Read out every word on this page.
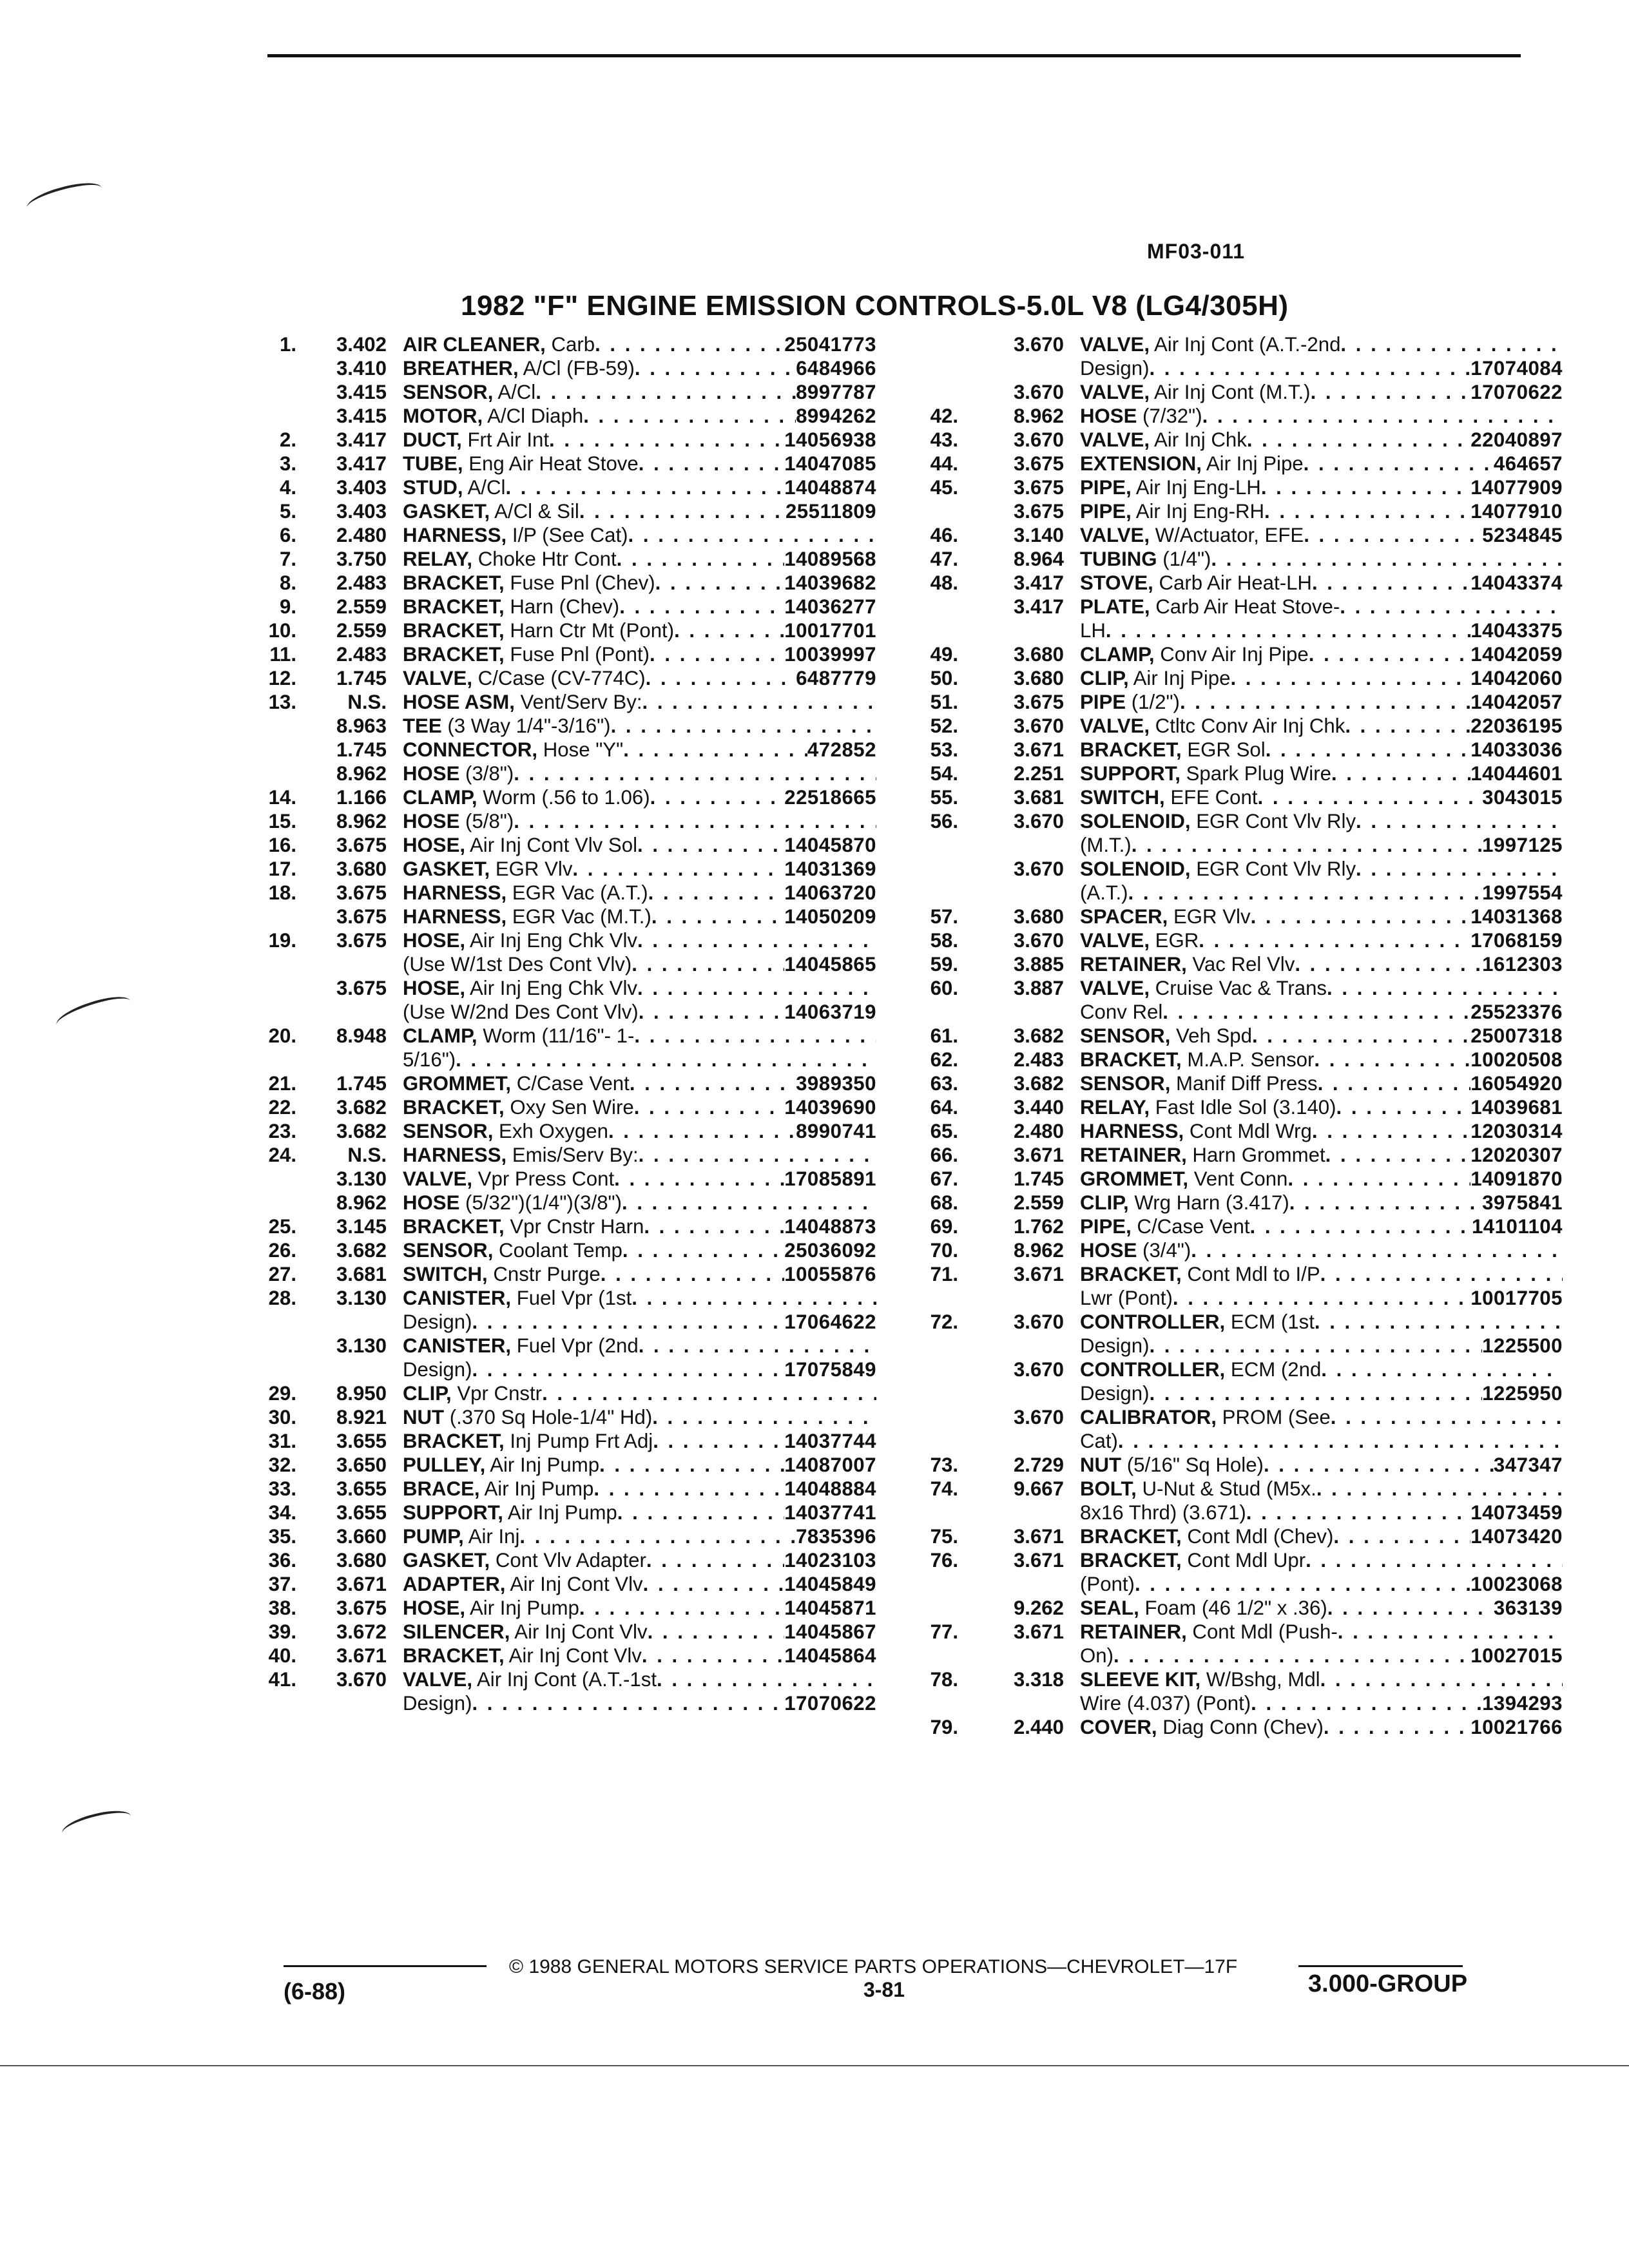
MF03-011
1982 "F" ENGINE EMISSION CONTROLS-5.0L V8 (LG4/305H)
1.	3.402 AIR CLEANER, Carb . . .	25041773
3.410 BREATHER, A/Cl (FB-59) . . .	6484966
3.415 SENSOR, A/Cl . . .	8997787
3.415 MOTOR, A/Cl Diaph . . .	8994262
2.	3.417 DUCT, Frt Air Int . . .	14056938
3.	3.417 TUBE, Eng Air Heat Stove . . .	14047085
4.	3.403 STUD, A/Cl . . .	14048874
5.	3.403 GASKET, A/Cl & Sil . . .	25511809
6.	2.480 HARNESS, I/P (See Cat)
. . .
7.	3.750 RELAY, Choke Htr Cont . . .	14089568
8.	2.483 BRACKET, Fuse Pnl (Chev) . . .	14039682
9.	2.559 BRACKET, Harn (Chev) . . .	14036277
10.	2.559 BRACKET, Harn Ctr Mt (Pont) . . .	10017701
11.	2.483 BRACKET, Fuse Pnl (Pont) . . .	10039997
12.	1.745 VALVE, C/Case (CV-774C) . . .	6487779
13.	N.S. HOSE ASM, Vent/Serv By:
. . .
8.963 TEE (3 Way 1/4"-3/16")
. . .
1.745 CONNECTOR, Hose "Y" . . .	472852
8.962 HOSE (3/8")
. . .
14.	1.166 CLAMP, Worm (.56 to 1.06) . . .	22518665
15.	8.962 HOSE (5/8")
. . .
16.	3.675 HOSE, Air Inj Cont Vlv Sol . . .	14045870
17.	3.680 GASKET, EGR Vlv . . .	14031369
18.	3.675 HARNESS, EGR Vac (A.T.) . . .	14063720
3.675 HARNESS, EGR Vac (M.T.) . . .	14050209
19.	3.675 HOSE, Air Inj Eng Chk Vlv
. . .
(Use W/1st Des Cont Vlv) . . .	14045865
3.675 HOSE, Air Inj Eng Chk Vlv
. . .
(Use W/2nd Des Cont Vlv) . . .	14063719
20.	8.948 CLAMP, Worm (11/16"- 1-
. . .
5/16")
. . .
21.	1.745 GROMMET, C/Case Vent . . .	3989350
22.	3.682 BRACKET, Oxy Sen Wire . . .	14039690
23.	3.682 SENSOR, Exh Oxygen . . .	8990741
24.	N.S. HARNESS, Emis/Serv By:
. . .
3.130 VALVE, Vpr Press Cont . . .	17085891
8.962 HOSE (5/32")(1/4")(3/8")
. . .
25.	3.145 BRACKET, Vpr Cnstr Harn . . .	14048873
26.	3.682 SENSOR, Coolant Temp . . .	25036092
27.	3.681 SWITCH, Cnstr Purge . . .	10055876
28.	3.130 CANISTER, Fuel Vpr (1st
. . .
Design) . . .	17064622
3.130 CANISTER, Fuel Vpr (2nd
. . .
Design) . . .	17075849
29.	8.950 CLIP, Vpr Cnstr
. . .
30.	8.921 NUT (.370 Sq Hole-1/4" Hd)
. . .
31.	3.655 BRACKET, Inj Pump Frt Adj . . .	14037744
32.	3.650 PULLEY, Air Inj Pump . . .	14087007
33.	3.655 BRACE, Air Inj Pump . . .	14048884
34.	3.655 SUPPORT, Air Inj Pump . . .	14037741
35.	3.660 PUMP, Air Inj . . .	7835396
36.	3.680 GASKET, Cont Vlv Adapter . . .	14023103
37.	3.671 ADAPTER, Air Inj Cont Vlv . . .	14045849
38.	3.675 HOSE, Air Inj Pump . . .	14045871
39.	3.672 SILENCER, Air Inj Cont Vlv . . .	14045867
40.	3.671 BRACKET, Air Inj Cont Vlv . . .	14045864
41.	3.670 VALVE, Air Inj Cont (A.T.-1st
. . .
Design) . . .	17070622
3.670 VALVE, Air Inj Cont (A.T.-2nd
. . .
Design) . . .	17074084
3.670 VALVE, Air Inj Cont (M.T.) . . .	17070622
42.	8.962 HOSE (7/32")
. . .
43.	3.670 VALVE, Air Inj Chk . . .	22040897
44.	3.675 EXTENSION, Air Inj Pipe . . .	464657
45.	3.675 PIPE, Air Inj Eng-LH . . .	14077909
3.675 PIPE, Air Inj Eng-RH . . .	14077910
46.	3.140 VALVE, W/Actuator, EFE . . .	5234845
47.	8.964 TUBING (1/4")
. . .
48.	3.417 STOVE, Carb Air Heat-LH . . .	14043374
3.417 PLATE, Carb Air Heat Stove-
. . .
LH . . .	14043375
49.	3.680 CLAMP, Conv Air Inj Pipe . . .	14042059
50.	3.680 CLIP, Air Inj Pipe . . .	14042060
51.	3.675 PIPE (1/2") . . .	14042057
52.	3.670 VALVE, Ctltc Conv Air Inj Chk . . .	22036195
53.	3.671 BRACKET, EGR Sol . . .	14033036
54.	2.251 SUPPORT, Spark Plug Wire . . .	14044601
55.	3.681 SWITCH, EFE Cont . . .	3043015
56.	3.670 SOLENOID, EGR Cont Vlv Rly
. . .
(M.T.) . . .	1997125
3.670 SOLENOID, EGR Cont Vlv Rly
. . .
(A.T.) . . .	1997554
57.	3.680 SPACER, EGR Vlv . . .	14031368
58.	3.670 VALVE, EGR . . .	17068159
59.	3.885 RETAINER, Vac Rel Vlv . . .	1612303
60.	3.887 VALVE, Cruise Vac & Trans
. . .
Conv Rel . . .	25523376
61.	3.682 SENSOR, Veh Spd . . .	25007318
62.	2.483 BRACKET, M.A.P. Sensor . . .	10020508
63.	3.682 SENSOR, Manif Diff Press . . .	16054920
64.	3.440 RELAY, Fast Idle Sol (3.140) . . .	14039681
65.	2.480 HARNESS, Cont Mdl Wrg . . .	12030314
66.	3.671 RETAINER, Harn Grommet . . .	12020307
67.	1.745 GROMMET, Vent Conn . . .	14091870
68.	2.559 CLIP, Wrg Harn (3.417) . . .	3975841
69.	1.762 PIPE, C/Case Vent . . .	14101104
70.	8.962 HOSE (3/4")
. . .
71.	3.671 BRACKET, Cont Mdl to I/P
. . .
Lwr (Pont) . . .	10017705
72.	3.670 CONTROLLER, ECM (1st
. . .
Design) . . .	1225500
3.670 CONTROLLER, ECM (2nd
. . .
Design) . . .	1225950
3.670 CALIBRATOR, PROM (See
. . .
Cat)
. . .
73.	2.729 NUT (5/16" Sq Hole) . . .	347347
74.	9.667 BOLT, U-Nut & Stud (M5x.
. . .
8x16 Thrd) (3.671) . . .	14073459
75.	3.671 BRACKET, Cont Mdl (Chev) . . .	14073420
76.	3.671 BRACKET, Cont Mdl Upr
. . .
(Pont) . . .	10023068
9.262 SEAL, Foam (46 1/2" x .36) . . .	363139
77.	3.671 RETAINER, Cont Mdl (Push-
. . .
On) . . .	10027015
78.	3.318 SLEEVE KIT, W/Bshg, Mdl
. . .
Wire (4.037) (Pont) . . .	1394293
79.	2.440 COVER, Diag Conn (Chev) . . .	10021766
© 1988 GENERAL MOTORS SERVICE PARTS OPERATIONS—CHEVROLET—17F
(6-88)	3-81	3.000-GROUP
